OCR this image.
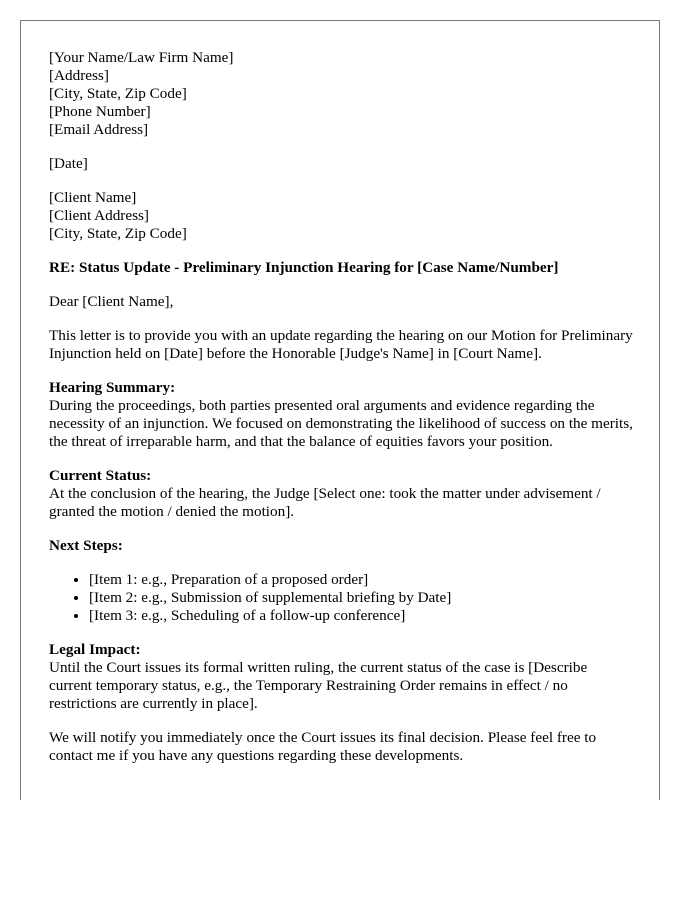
[Your Name/Law Firm Name]
[Address]
[City, State, Zip Code]
[Phone Number]
[Email Address]
[Date]
[Client Name]
[Client Address]
[City, State, Zip Code]
RE: Status Update - Preliminary Injunction Hearing for [Case Name/Number]

Dear [Client Name],

This letter is to provide you with an update regarding the hearing on our Motion for Preliminary Injunction held on [Date] before the Honorable [Judge's Name] in [Court Name].

Hearing Summary:

During the proceedings, both parties presented oral arguments and evidence regarding the necessity of an injunction. We focused on demonstrating the likelihood of success on the merits, the threat of irreparable harm, and that the balance of equities favors your position.

Current Status:

At the conclusion of the hearing, the Judge [Select one: took the matter under advisement / granted the motion / denied the motion].

Next Steps:
• [Item 1: e.g., Preparation of a proposed order]
• [Item 2: e.g., Submission of supplemental briefing by Date]
• [Item 3: e.g., Scheduling of a follow-up conference]
Legal Impact:

Until the Court issues its formal written ruling, the current status of the case is [Describe current temporary status, e.g., the Temporary Restraining Order remains in effect / no restrictions are currently in place].

We will notify you immediately once the Court issues its final decision. Please feel free to contact me if you have any questions regarding these developments.
